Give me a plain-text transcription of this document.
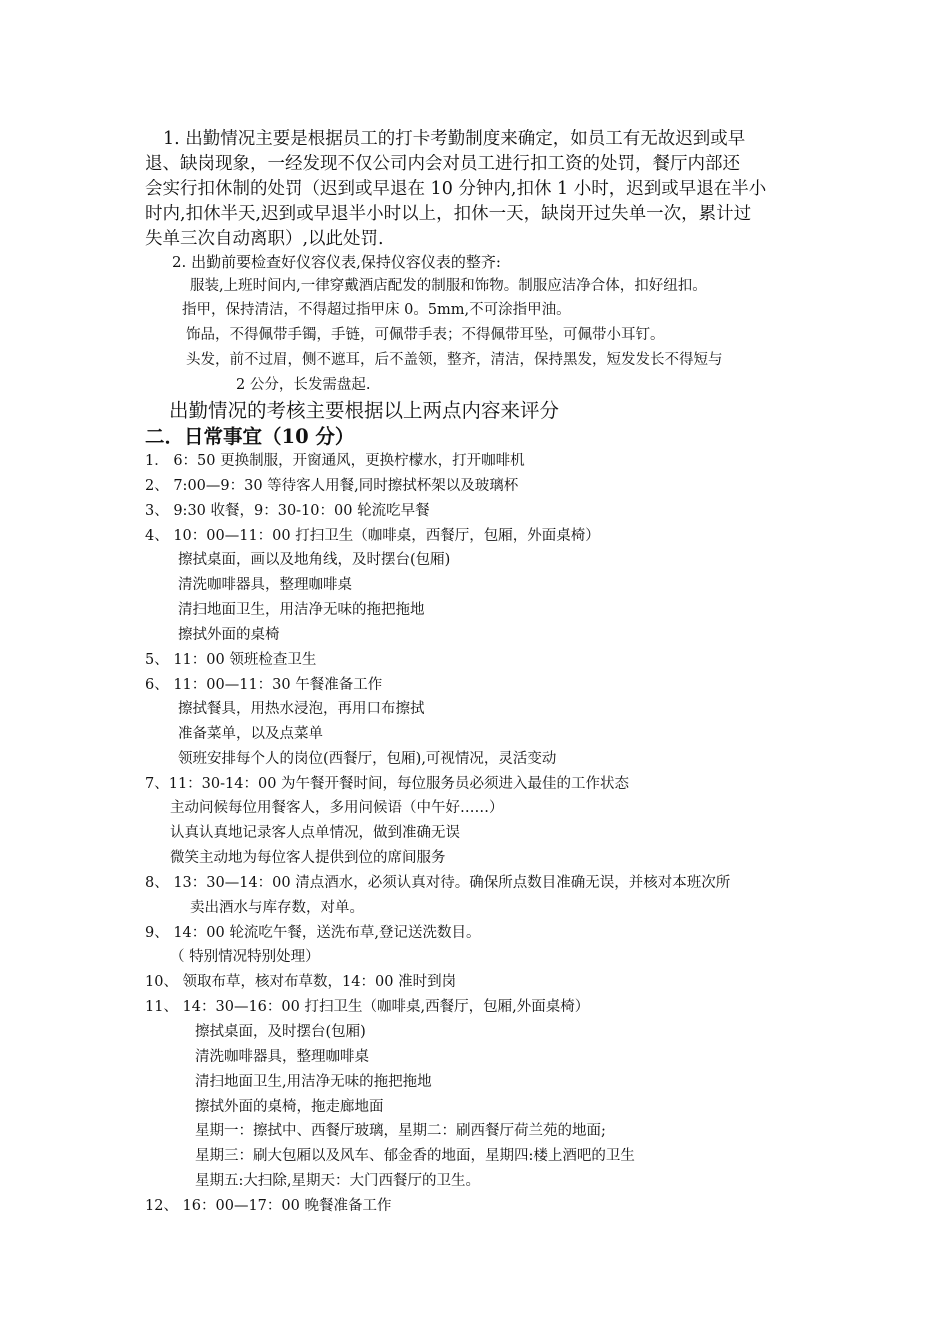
1. 出勤情况主要是根据员工的打卡考勤制度来确定，如员工有无故迟到或早
退、缺岗现象，一经发现不仅公司内会对员工进行扣工资的处罚，餐厅内部还
会实行扣休制的处罚（迟到或早退在 10 分钟内,扣休 1 小时，迟到或早退在半小
时内,扣休半天,迟到或早退半小时以上，扣休一天，缺岗开过失单一次，累计过
失单三次自动离职）,以此处罚.
2. 出勤前要检查好仪容仪表,保持仪容仪表的整齐:
服装,上班时间内,一律穿戴酒店配发的制服和饰物。制服应洁净合体，扣好纽扣。
指甲，保持清洁，不得超过指甲床 0。5mm,不可涂指甲油。
饰品，不得佩带手镯，手链，可佩带手表；不得佩带耳坠，可佩带小耳钉。
头发，前不过眉，侧不遮耳，后不盖领，整齐，清洁，保持黑发，短发发长不得短与
2 公分，长发需盘起.
出勤情况的考核主要根据以上两点内容来评分
二．日常事宜（10 分）
1． 6：50 更换制服，开窗通风，更换柠檬水，打开咖啡机
2、 7:00—9：30 等待客人用餐,同时擦拭杯架以及玻璃杯
3、 9:30 收餐，9：30-10：00 轮流吃早餐
4、 10：00—11：00 打扫卫生（咖啡桌，西餐厅，包厢，外面桌椅）
擦拭桌面，画以及地角线，及时摆台(包厢)
清洗咖啡器具，整理咖啡桌
清扫地面卫生，用洁净无味的拖把拖地
擦拭外面的桌椅
5、 11：00 领班检查卫生
6、 11：00—11：30 午餐准备工作
擦拭餐具，用热水浸泡，再用口布擦拭
准备菜单，以及点菜单
领班安排每个人的岗位(西餐厅，包厢),可视情况，灵活变动
7、11：30-14：00 为午餐开餐时间，每位服务员必须进入最佳的工作状态
主动问候每位用餐客人，多用问候语（中午好……）
认真认真地记录客人点单情况，做到准确无误
微笑主动地为每位客人提供到位的席间服务
8、 13：30—14：00 清点酒水，必须认真对待。确保所点数目准确无误，并核对本班次所
卖出酒水与库存数，对单。
9、 14：00 轮流吃午餐，送洗布草,登记送洗数目。
（ 特别情况特别处理）
10、 领取布草，核对布草数，14：00 准时到岗
11、 14：30—16：00 打扫卫生（咖啡桌,西餐厅，包厢,外面桌椅）
擦拭桌面，及时摆台(包厢)
清洗咖啡器具，整理咖啡桌
清扫地面卫生,用洁净无味的拖把拖地
擦拭外面的桌椅，拖走廊地面
星期一：擦拭中、西餐厅玻璃，星期二：刷西餐厅荷兰苑的地面;
星期三：刷大包厢以及风车、郁金香的地面，星期四:楼上酒吧的卫生
星期五:大扫除,星期天：大门西餐厅的卫生。
12、 16：00—17：00 晚餐准备工作
